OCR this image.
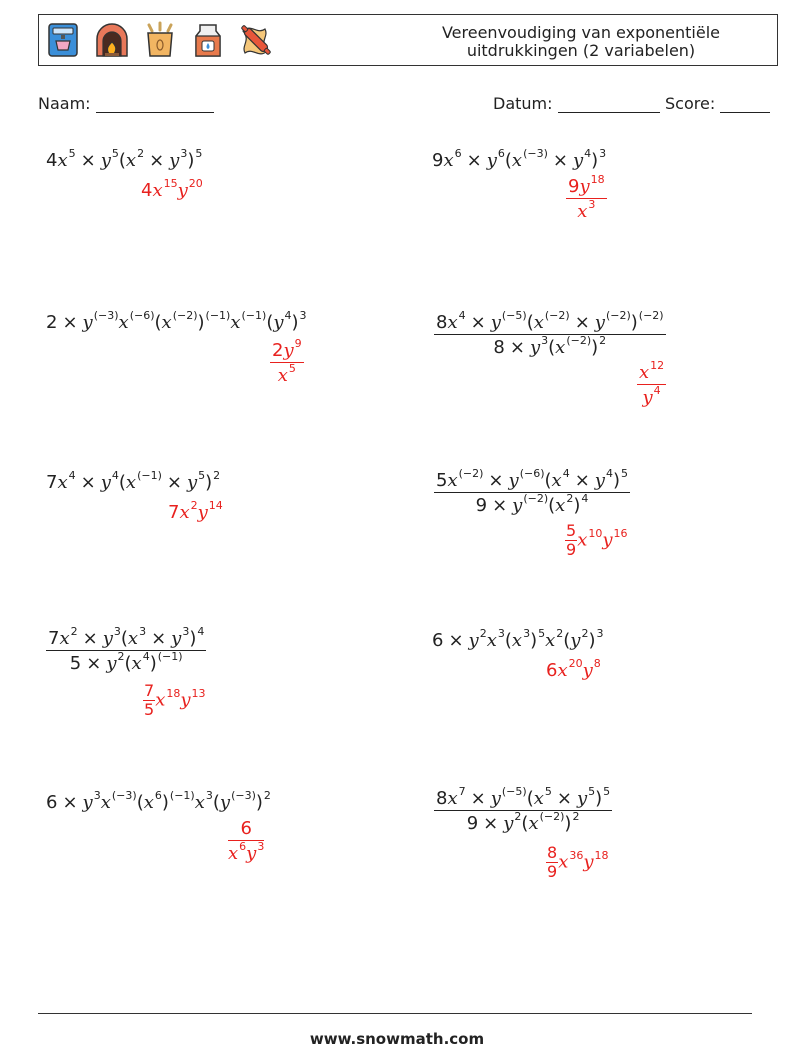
Vereenvoudiging van exponentiële uitdrukkingen (2 variabelen)
Naam:	Datum:	Score:
$4x^5 \times y^5(x^2 \times y^3)^5$
$4x^{15}y^{20}$
$9x^6 \times y^6(x^{(-3)} \times y^4)^3$
$\frac{9y^{18}}{x^3}$
$2 \times y^{(-3)}x^{(-6)}(x^{(-2)})^{(-1)}x^{(-1)}(y^4)^3$
$\frac{2y^9}{x^5}$
$\frac{8x^4 \times y^{(-5)}(x^{(-2)} \times y^{(-2)})^{(-2)}}{8 \times y^3(x^{(-2)})^2}$
$\frac{x^{12}}{y^4}$
$7x^4 \times y^4(x^{(-1)} \times y^5)^2$
$7x^2y^{14}$	$\frac{5x^{(-2)} \times y^{(-6)}(x^4 \times y^4)^5}{9 \times y^{(-2)}(x^2)^4}$
$\frac{5}{9} x^{10}y^{16}$
$\frac{7x^2 \times y^3(x^3 \times y^3)^4}{5 \times y^2(x^4)^{(-1)}}$
$\frac{7}{5} x^{18}y^{13}$
$6 \times y^2x^3(x^3)^5x^2(y^2)^3$
$6x^{20}y^8$
$6 \times y^3x^{(-3)}(x^6)^{(-1)}x^3(y^{(-3)})^2$
$\frac{6}{x^6y^3}$
$\frac{8x^7 \times y^{(-5)}(x^5 \times y^5)^5}{9 \times y^2(x^{(-2)})^2}$
$\frac{8}{9} x^{36}y^{18}$
www.snowmath.com
